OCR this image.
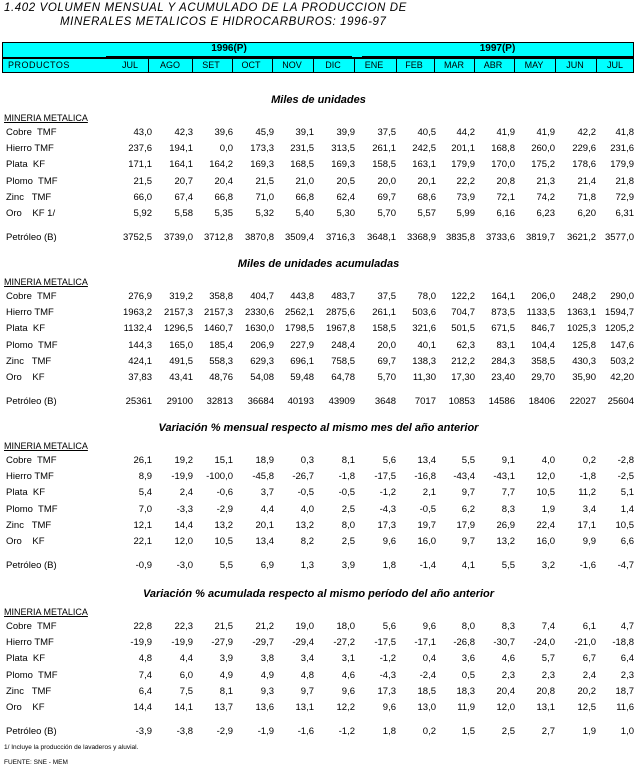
1.402 VOLUMEN MENSUAL Y ACUMULADO DE LA PRODUCCION DE
MINERALES METALICOS E HIDROCARBUROS: 1996-97
1996(P)	1997(P)
PRODUCTOS
1/ Incluye la producción de lavaderos y aluvial.
FUENTE: SNE - MEM
JUL	AGO	SET	OCT	NOV	DIC	ENE	FEB	MAR	ABR	MAY	JUN	JUL
Miles de unidades
MINERIA METALICA
Cobre  TMF	43,0	42,3	39,6	45,9	39,1	39,9	37,5	40,5	44,2	41,9	41,9	42,2	41,8
Hierro TMF	237,6	194,1	0,0	173,3	231,5	313,5	261,1	242,5	201,1	168,8	260,0	229,6	231,6
Plata  KF	171,1	164,1	164,2	169,3	168,5	169,3	158,5	163,1	179,9	170,0	175,2	178,6	179,9
Plomo  TMF	21,5	20,7	20,4	21,5	21,0	20,5	20,0	20,1	22,2	20,8	21,3	21,4	21,8
Zinc   TMF	66,0	67,4	66,8	71,0	66,8	62,4	69,7	68,6	73,9	72,1	74,2	71,8	72,9
Oro    KF 1/	5,92	5,58	5,35	5,32	5,40	5,30	5,70	5,57	5,99	6,16	6,23	6,20	6,31
Petróleo (B)	3752,5	3739,0	3712,8	3870,8	3509,4	3716,3	3648,1	3368,9	3835,8	3733,6	3819,7	3621,2 3577,0
Miles de unidades acumuladas
MINERIA METALICA
Cobre  TMF	276,9	319,2	358,8	404,7	443,8	483,7	37,5	78,0	122,2	164,1	206,0	248,2	290,0
Hierro TMF	1963,2	2157,3	2157,3	2330,6	2562,1	2875,6	261,1	503,6	704,7	873,5	1133,5	1363,1 1594,7
Plata  KF	1132,4	1296,5	1460,7	1630,0	1798,5	1967,8	158,5	321,6	501,5	671,5	846,7	1025,3 1205,2
Plomo  TMF	144,3	165,0	185,4	206,9	227,9	248,4	20,0	40,1	62,3	83,1	104,4	125,8	147,6
Zinc   TMF	424,1	491,5	558,3	629,3	696,1	758,5	69,7	138,3	212,2	284,3	358,5	430,3	503,2
Oro    KF	37,83	43,41	48,76	54,08	59,48	64,78	5,70	11,30	17,30	23,40	29,70	35,90	42,20
Petróleo (B)	25361	29100	32813	36684	40193	43909	3648	7017	10853	14586	18406	22027	25604
Variación % mensual respecto al mismo mes del año anterior
MINERIA METALICA
Cobre  TMF	26,1	19,2	15,1	18,9	0,3	8,1	5,6	13,4	5,5	9,1	4,0	0,2	-2,8
Hierro TMF	8,9	-19,9	-100,0	-45,8	-26,7	-1,8	-17,5	-16,8	-43,4	-43,1	12,0	-1,8	-2,5
Plata  KF	5,4	2,4	-0,6	3,7	-0,5	-0,5	-1,2	2,1	9,7	7,7	10,5	11,2	5,1
Plomo  TMF	7,0	-3,3	-2,9	4,4	4,0	2,5	-4,3	-0,5	6,2	8,3	1,9	3,4	1,4
Zinc   TMF	12,1	14,4	13,2	20,1	13,2	8,0	17,3	19,7	17,9	26,9	22,4	17,1	10,5
Oro    KF	22,1	12,0	10,5	13,4	8,2	2,5	9,6	16,0	9,7	13,2	16,0	9,9	6,6
Petróleo (B)	-0,9	-3,0	5,5	6,9	1,3	3,9	1,8	-1,4	4,1	5,5	3,2	-1,6	-4,7
Variación % acumulada respecto al mismo período del año anterior
MINERIA METALICA
Cobre  TMF	22,8	22,3	21,5	21,2	19,0	18,0	5,6	9,6	8,0	8,3	7,4	6,1	4,7
Hierro TMF	-19,9	-19,9	-27,9	-29,7	-29,4	-27,2	-17,5	-17,1	-26,8	-30,7	-24,0	-21,0	-18,8
Plata  KF	4,8	4,4	3,9	3,8	3,4	3,1	-1,2	0,4	3,6	4,6	5,7	6,7	6,4
Plomo  TMF	7,4	6,0	4,9	4,9	4,8	4,6	-4,3	-2,4	0,5	2,3	2,3	2,4	2,3
Zinc   TMF	6,4	7,5	8,1	9,3	9,7	9,6	17,3	18,5	18,3	20,4	20,8	20,2	18,7
Oro    KF	14,4	14,1	13,7	13,6	13,1	12,2	9,6	13,0	11,9	12,0	13,1	12,5	11,6
Petróleo (B)	-3,9	-3,8	-2,9	-1,9	-1,6	-1,2	1,8	0,2	1,5	2,5	2,7	1,9	1,0
